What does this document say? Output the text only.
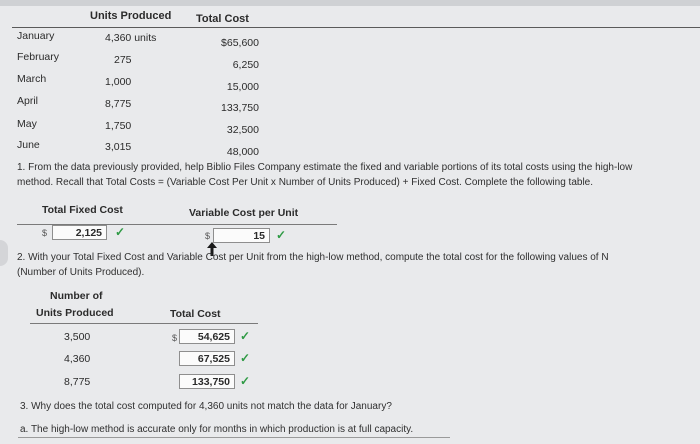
Units Produced Total Cost
January	4,360 units	$65,600
February	275	6,250
March	1,000	15,000
April	8,775	133,750
May	1,750	32,500
June	3,015	48,000
1. From the data previously provided, help Biblio Files Company estimate the fixed and variable portions of its total costs using the high-low
method. Recall that Total Costs = (Variable Cost Per Unit x Number of Units Produced) + Fixed Cost. Complete the following table.
Total Fixed Cost	Variable Cost per Unit
$	2,125	✓	$	15 ✓
2. With your Total Fixed Cost and Variable Cost per Unit from the high-low method, compute the total cost for the following values of N
(Number of Units Produced).
Number of
Units Produced	Total Cost
3,500	$	54,625 ✓
4,360	67,525 ✓
8,775	133,750 ✓
3. Why does the total cost computed for 4,360 units not match the data for January?
a. The high-low method is accurate only for months in which production is at full capacity.
